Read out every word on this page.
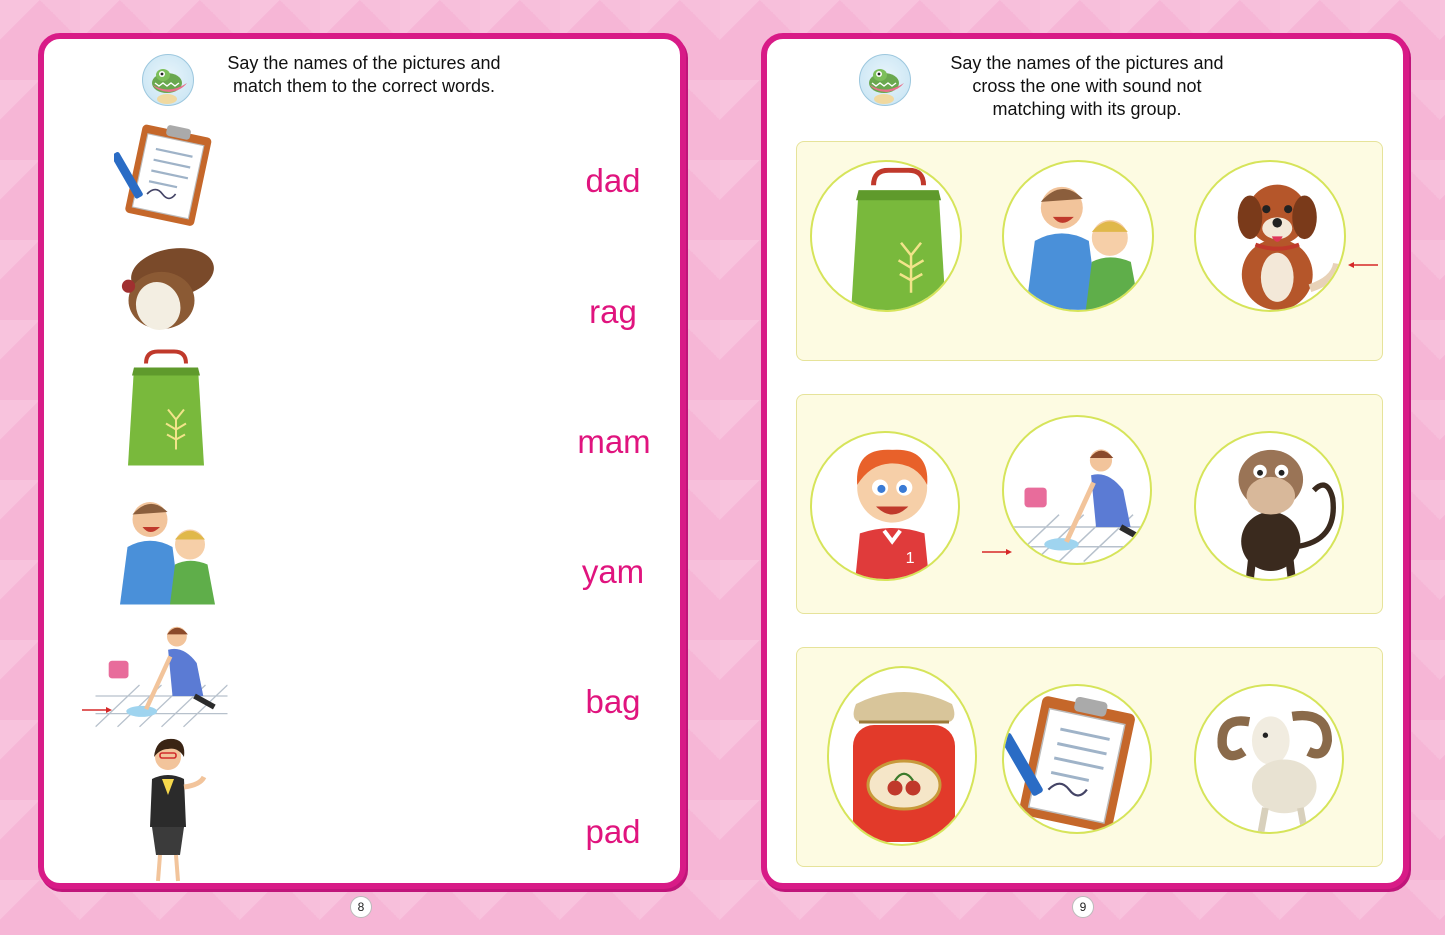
Say the names of the pictures and
match them to the correct words.
dad
rag
mam
yam
bag
pad
Say the names of the pictures and
cross the one with sound not
matching with its group.
8	9
